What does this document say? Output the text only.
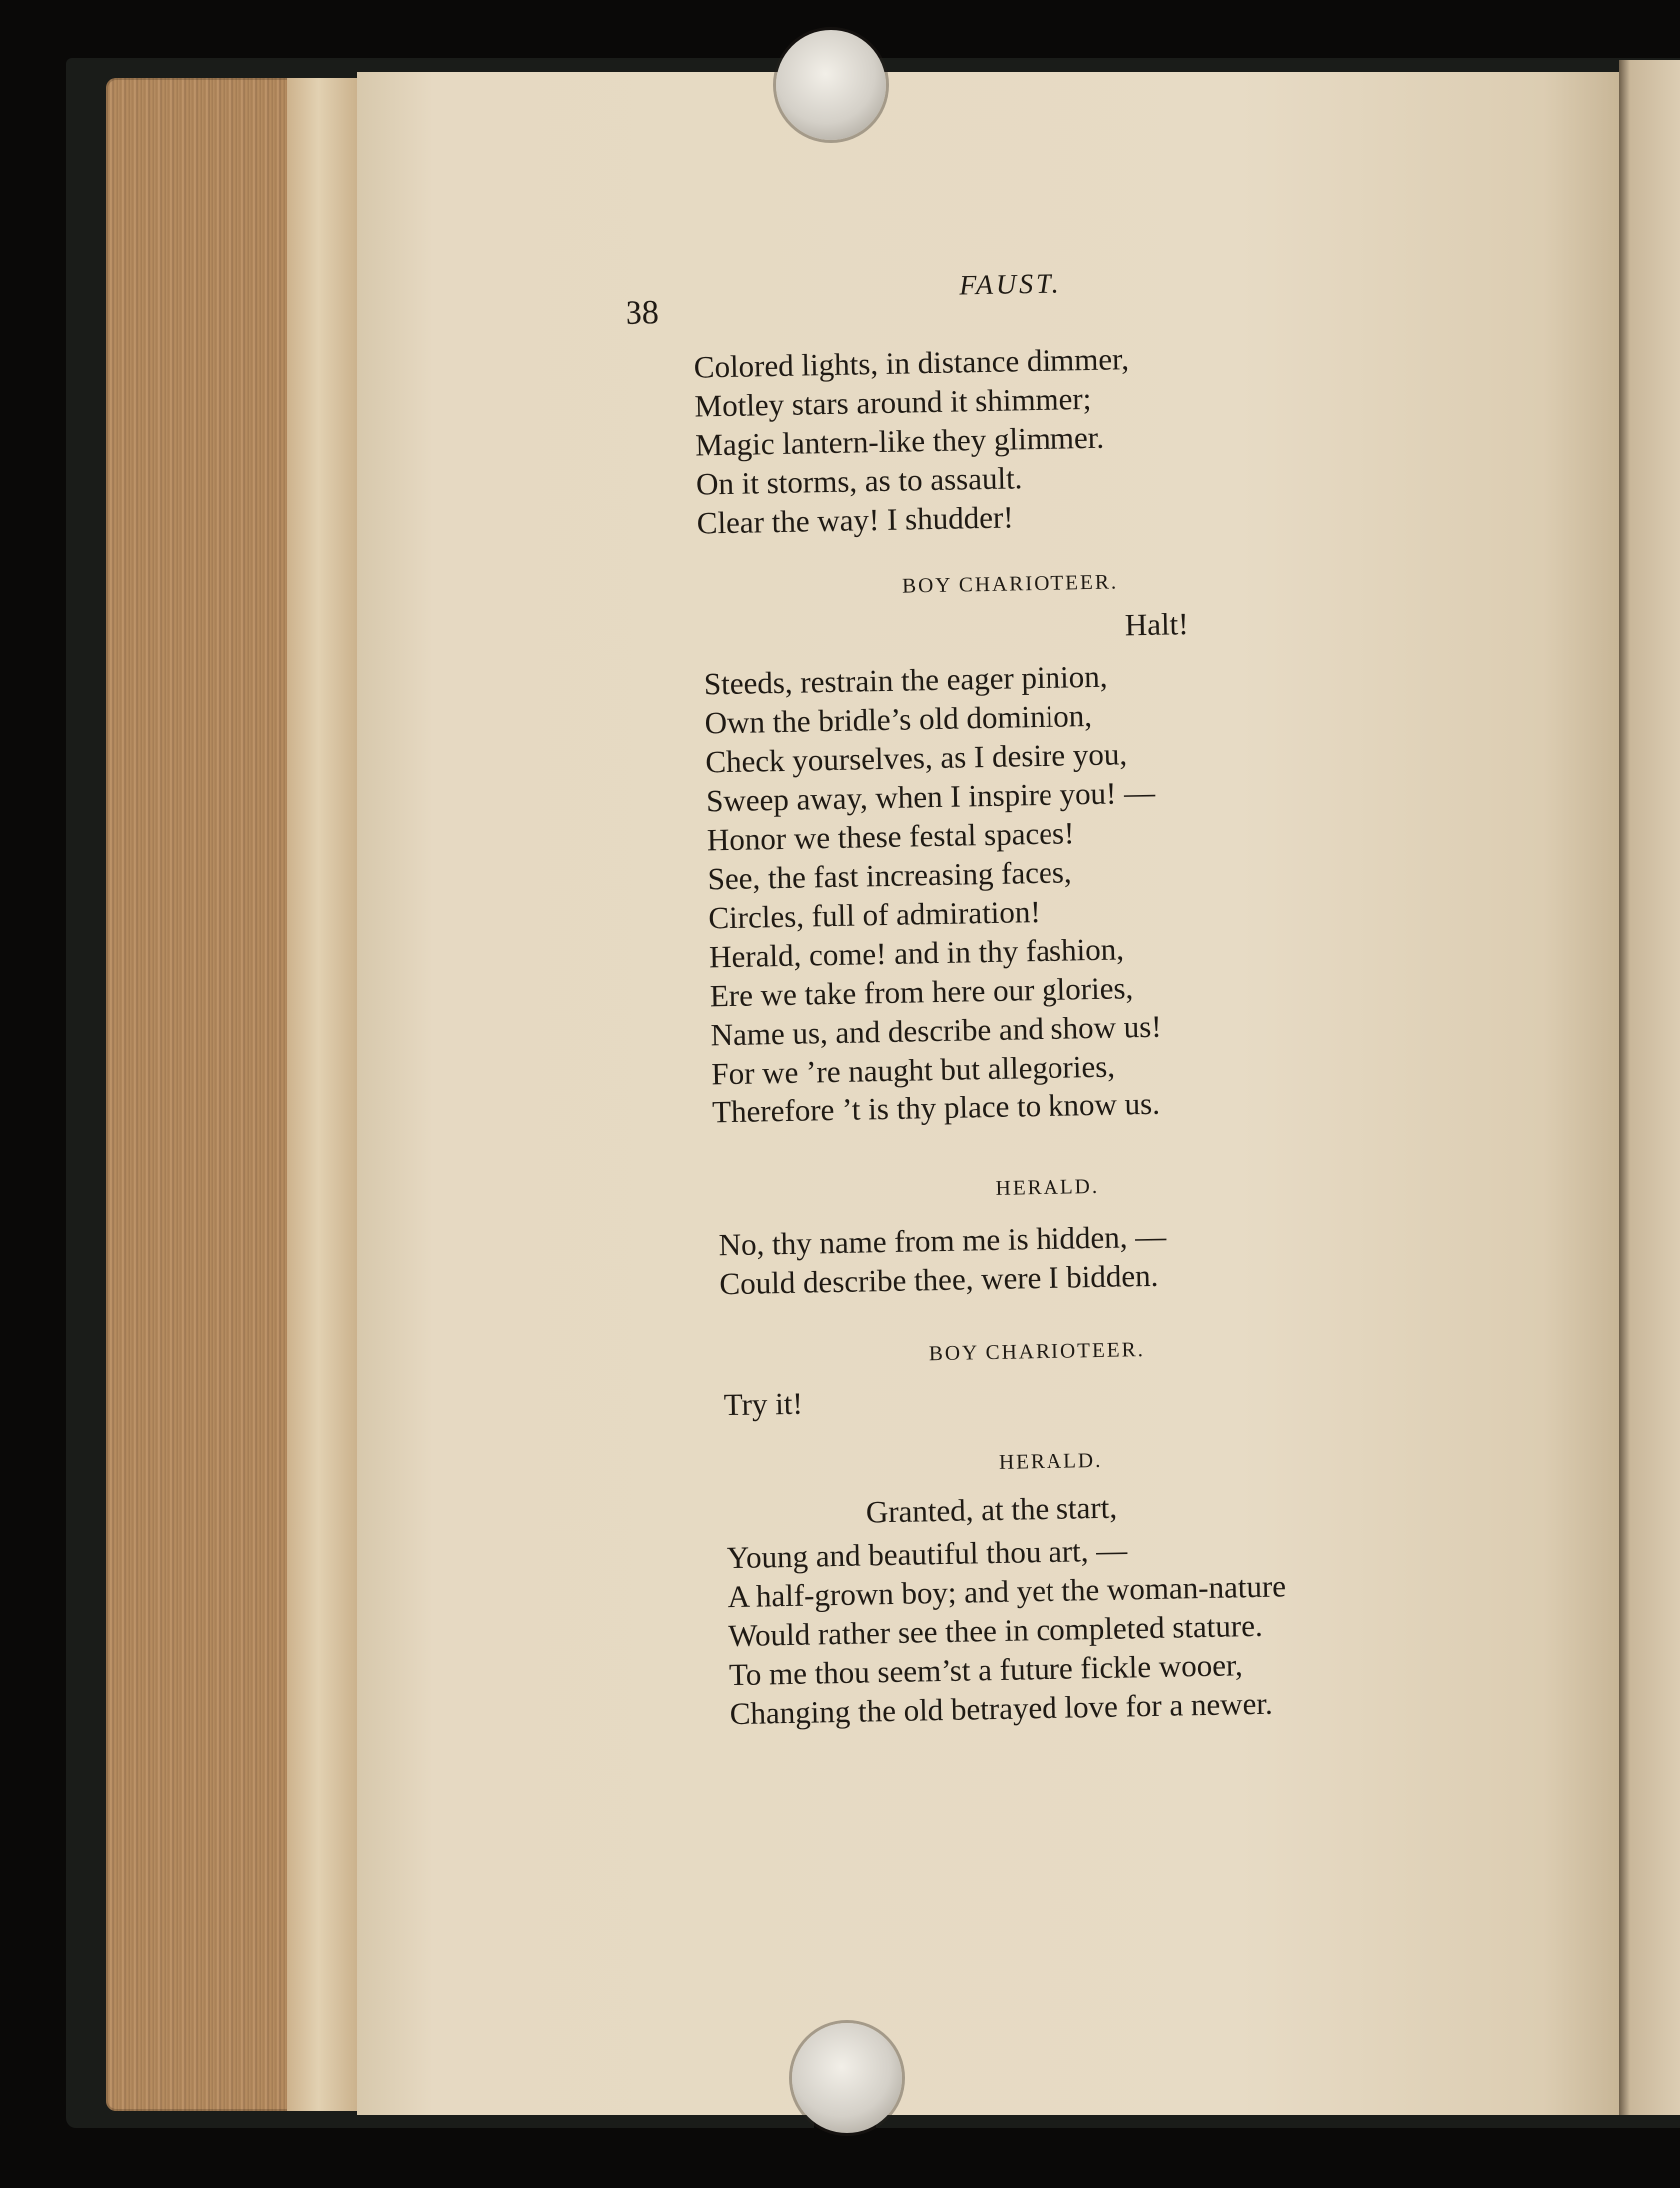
38
FAUST.
Colored lights, in distance dimmer,
Motley stars around it shimmer;
Magic lantern-like they glimmer.
On it storms, as to assault.
Clear the way! I shudder!
BOY CHARIOTEER.
Halt!
Steeds, restrain the eager pinion,
Own the bridle’s old dominion,
Check yourselves, as I desire you,
Sweep away, when I inspire you! —
Honor we these festal spaces!
See, the fast increasing faces,
Circles, full of admiration!
Herald, come! and in thy fashion,
Ere we take from here our glories,
Name us, and describe and show us!
For we ’re naught but allegories,
Therefore ’t is thy place to know us.
HERALD.
No, thy name from me is hidden, —
Could describe thee, were I bidden.
BOY CHARIOTEER.
Try it!
HERALD.
Granted, at the start,
Young and beautiful thou art, —
A half-grown boy; and yet the woman-nature
Would rather see thee in completed stature.
To me thou seem’st a future fickle wooer,
Changing the old betrayed love for a newer.
